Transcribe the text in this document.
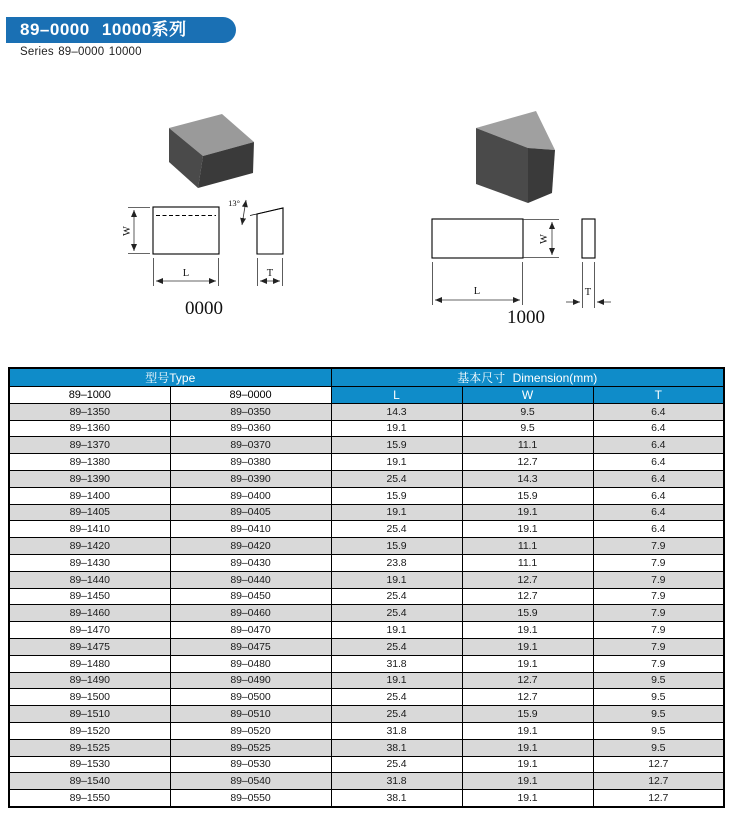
89–0000 10000系列
Series 89–0000 10000
W
L
13°
T
0000
W
L	T
1000
型号Type		基本尺寸 Dimension(mm)		
89–1000	89–0000	L	W	T
89–1350	89–0350	14.3	9.5	6.4
89–1360	89–0360	19.1	9.5	6.4
89–1370	89–0370	15.9	11.1	6.4
89–1380	89–0380	19.1	12.7	6.4
89–1390	89–0390	25.4	14.3	6.4
89–1400	89–0400	15.9	15.9	6.4
89–1405	89–0405	19.1	19.1	6.4
89–1410	89–0410	25.4	19.1	6.4
89–1420	89–0420	15.9	11.1	7.9
89–1430	89–0430	23.8	11.1	7.9
89–1440	89–0440	19.1	12.7	7.9
89–1450	89–0450	25.4	12.7	7.9
89–1460	89–0460	25.4	15.9	7.9
89–1470	89–0470	19.1	19.1	7.9
89–1475	89–0475	25.4	19.1	7.9
89–1480	89–0480	31.8	19.1	7.9
89–1490	89–0490	19.1	12.7	9.5
89–1500	89–0500	25.4	12.7	9.5
89–1510	89–0510	25.4	15.9	9.5
89–1520	89–0520	31.8	19.1	9.5
89–1525	89–0525	38.1	19.1	9.5
89–1530	89–0530	25.4	19.1	12.7
89–1540	89–0540	31.8	19.1	12.7
89–1550	89–0550	38.1	19.1	12.7
